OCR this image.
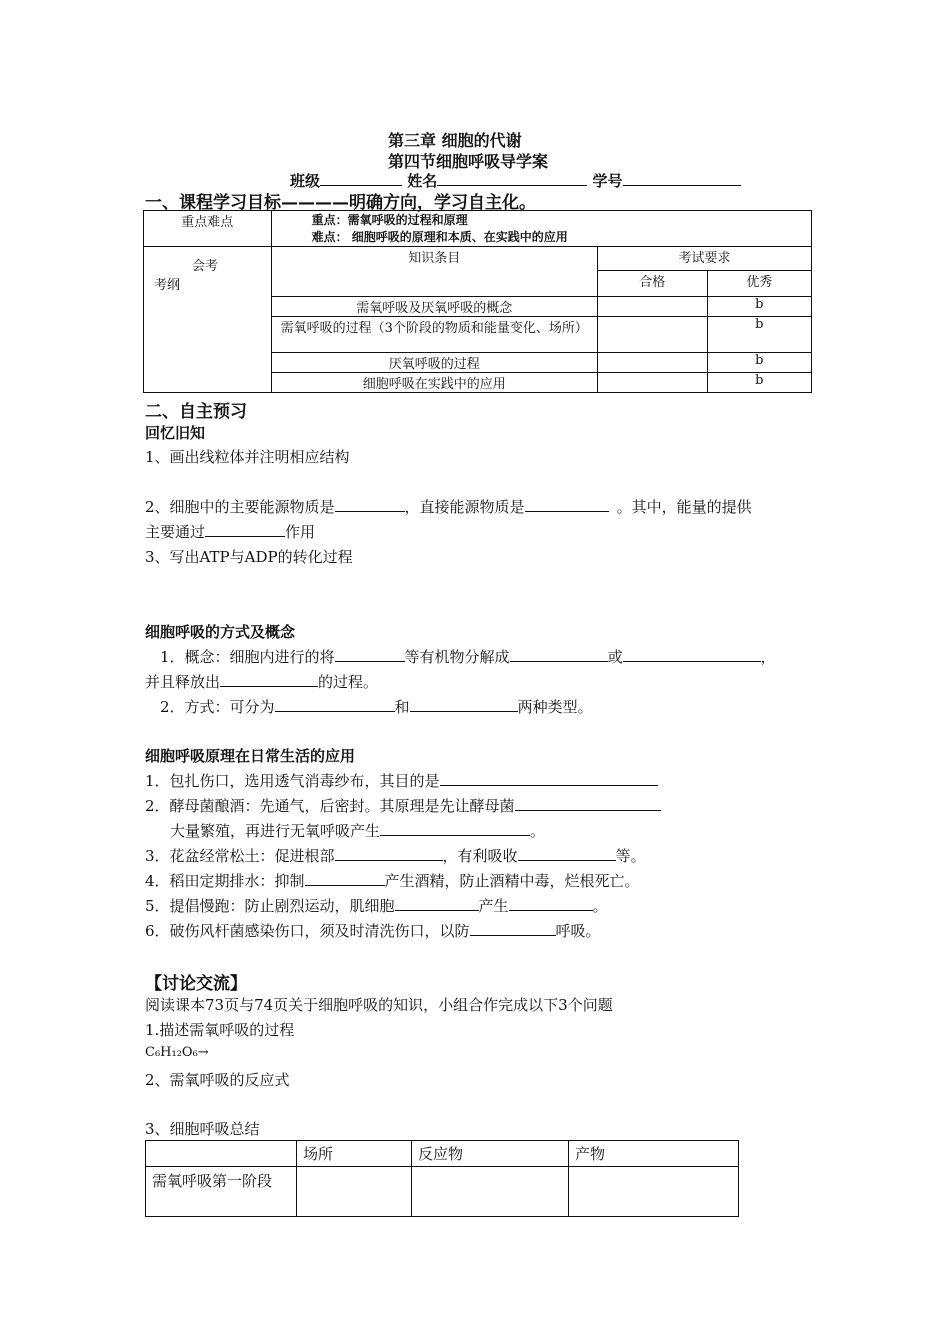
第三章 细胞的代谢
第四节细胞呼吸导学案
班级	姓名	学号
一、课程学习目标————明确方向，学习自主化。
重点难点	重点：需氧呼吸的过程和原理
难点： 细胞呼吸的原理和本质、在实践中的应用		

会考
考纲	知识条目	考试要求	
		合格	优秀
	需氧呼吸及厌氧呼吸的概念		b
	需氧呼吸的过程（3个阶段的物质和能量变化、场所）		b
	厌氧呼吸的过程		b
	细胞呼吸在实践中的应用		b
二、自主预习
回忆旧知
1、画出线粒体并注明相应结构
2、细胞中的主要能源物质是	，直接能源物质是	。其中，能量的提供
主要通过	作用
3、写出ATP与ADP的转化过程
细胞呼吸的方式及概念
1．概念：细胞内进行的将	等有机物分解成	或	，
并且释放出	的过程。
2．方式：可分为	和	两种类型。
细胞呼吸原理在日常生活的应用
1．包扎伤口，选用透气消毒纱布，其目的是
2．酵母菌酿酒：先通气，后密封。其原理是先让酵母菌
大量繁殖，再进行无氧呼吸产生	。
3．花盆经常松土：促进根部	，有利吸收	等。
4．稻田定期排水：抑制	产生酒精，防止酒精中毒，烂根死亡。
5．提倡慢跑：防止剧烈运动，肌细胞	产生	。
6．破伤风杆菌感染伤口，须及时清洗伤口，以防	呼吸。
【讨论交流】
阅读课本73页与74页关于细胞呼吸的知识，小组合作完成以下3个问题
1.描述需氧呼吸的过程
C₆H₁₂O₆→
2、需氧呼吸的反应式
3、细胞呼吸总结
	场所	反应物	产物
需氧呼吸第一阶段			
